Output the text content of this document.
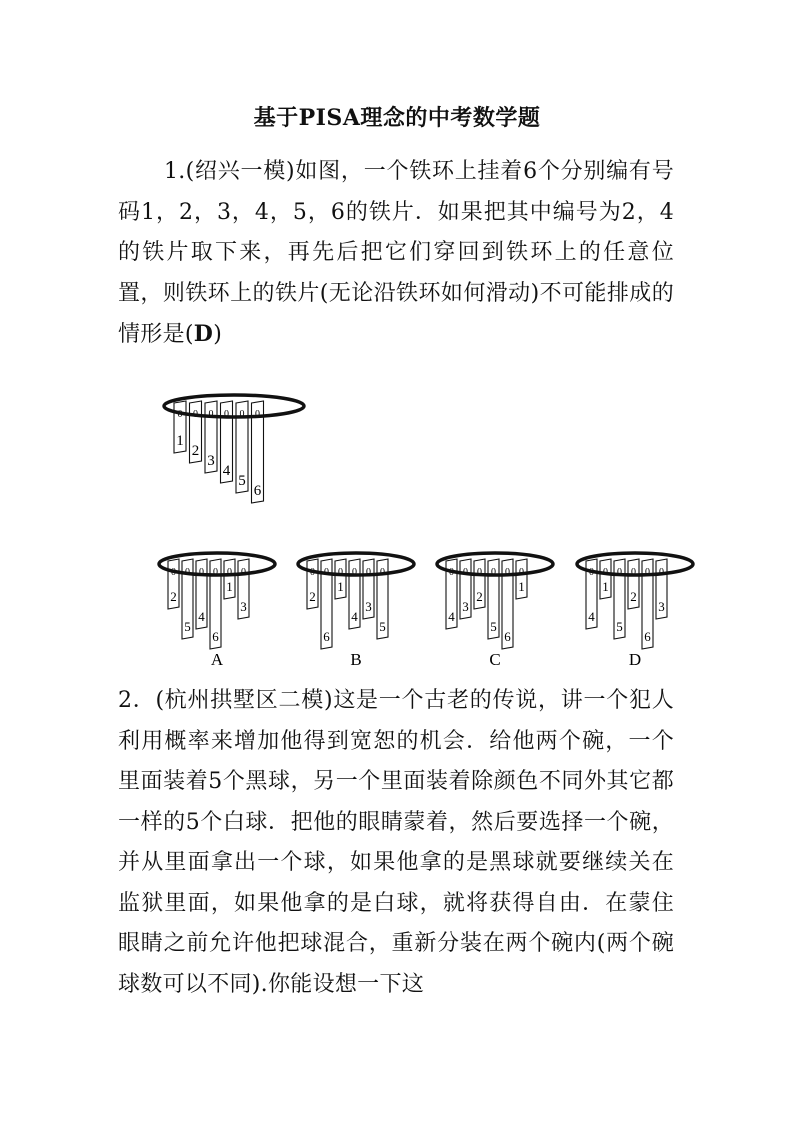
基于PISA理念的中考数学题
1.(绍兴一模)如图，一个铁环上挂着6个分别编有号码1，2，3，4，5，6的铁片．如果把其中编号为2，4的铁片取下来，再先后把它们穿回到铁环上的任意位置，则铁环上的铁片(无论沿铁环如何滑动)不可能排成的情形是(D)
0
1
0
2
0
3
0
4
0
5
0
6
0
2
0
5
0
4
0
6
0
1
0
3
A
0
2
0
6
0
1
0
4
0
3
0
5
B
0
4
0
3
0
2
0
5
0
6
0
1
C
0
4
0
1
0
5
0
2
0
6
0
3
D
2．(杭州拱墅区二模)这是一个古老的传说，讲一个犯人利用概率来增加他得到宽恕的机会．给他两个碗，一个里面装着5个黑球，另一个里面装着除颜色不同外其它都一样的5个白球．把他的眼睛蒙着，然后要选择一个碗，并从里面拿出一个球，如果他拿的是黑球就要继续关在监狱里面，如果他拿的是白球，就将获得自由．在蒙住眼睛之前允许他把球混合，重新分装在两个碗内(两个碗球数可以不同).你能设想一下这
